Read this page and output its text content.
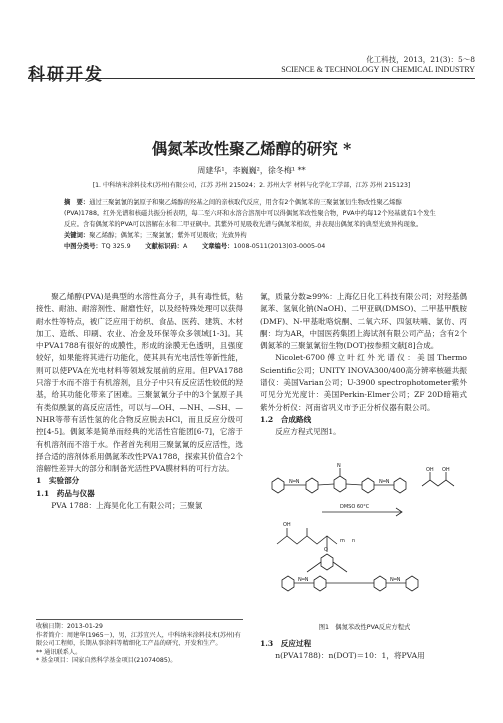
科研开发
化工科技，2013，21(3)：5～8
SCIENCE & TECHNOLOGY IN CHEMICAL INDUSTRY
偶氮苯改性聚乙烯醇的研究 *
周建华¹，李巍巍²，徐冬梅¹ **
[1. 中科纳米涂料技术(苏州)有限公司，江苏 苏州 215024；2. 苏州大学 材料与化学化工学部，江苏 苏州 215123]
摘　要：通过三聚氯氰的氯原子和聚乙烯醇的羟基之间的亲核取代反应，用含有2个偶氮苯的三聚氯氰衍生物改性聚乙烯醇(PVA)1788。红外光谱和核磁共振分析表明，每二至六环和水溶合溶剂中可以得偶氮苯改性聚合物，PVA中约每12个羟基就有1个发生反应。含有偶氮苯的PVA可以溶解在水和二甲亚砜中。其紫外可见吸收光谱与偶氮苯相似，并表现出偶氮苯的典型光致异构现象。
关键词：聚乙烯醇；偶氮苯；三聚氯氰；紫外可见吸收；光致异构
中图分类号：TQ 325.9   文献标识码：A   文章编号：1008-0511(2013)03-0005-04

聚乙烯醇(PVA)是典型的水溶性高分子，具有毒性低，粘接性、耐油、耐溶剂性、耐磨性好，以及经特殊处理可以获得耐水性等特点，被广泛应用于纺织、食品、医药、建筑、木材加工、造纸、印刷、农业、冶金及环保等众多领域[1-3]。其中PVA1788有很好的成膜性，形成的涂膜无色透明，且强度较好，如果能将其进行功能化，使其具有光电活性等新性能，则可以使PVA在光电材料等领域发展前的应用。但PVA1788只溶于水而不溶于有机溶剂，且分子中只有反应活性较低的羟基，给其功能化带来了困难。三聚氯氰分子中的3个氯原子具有类似酰氯的高反应活性，可以与—OH、—NH、—SH、—NHR等带有活性氢的化合物反应脱去HCl，而且反应分级可控[4-5]。偶氮苯是简单而经典的光活性官能团[6-7]，它溶于有机溶剂而不溶于水。作者首先利用三聚氯氰的反应活性，选择合适的溶剂体系用偶氮苯改性PVA1788，探索其价值合2个溶解性差异大的部分和制备光活性PVA膜材料的可行方法。

1　实验部分

1.1　药品与仪器

PVA 1788：上海昊化化工有限公司；三聚氯

收稿日期：2013-01-29
作者简介：周建华(1965－)，男，江苏宜兴人，中科纳米涂料技术(苏州)有限公司工程师，长期从事涂料等精细化工产品的研究、开发和生产。
** 通讯联系人。
* 基金项目：国家自然科学基金项目(21074085)。

氰，质量分数≥99%：上海亿日化工科技有限公司；对羟基偶氮苯、氢氧化钠(NaOH)、二甲亚砜(DMSO)、二甲基甲酰胺(DMF)、N-甲基吡咯烷酮、二氧六环、四氢呋喃、氯仿、丙酮：均为AR，中国医药集团上海试剂有限公司产品；含有2个偶氮苯的三聚氯氰衍生物(DOT)按参照文献[8]合成。

Nicolet-6700傅立叶红外光谱仪：美国Thermo Scientific公司；UNITY INOVA300/400高分辨率核磁共振谱仪：美国Varian公司；U-3900 spectrophotometer紫外可见分光光度计：美国Perkin-Elmer公司；ZF 20D暗箱式紫外分析仪：河南省巩义市予正分析仪器有限公司。

1.2　合成路线

反应方程式见图1。

N═N	N═N
N
OH OH
DMSO 60°C
m
O
OH
N═N	N═N
n
图1　偶氮苯改性PVA反应方程式

1.3　反应过程

n(PVA1788)：n(DOT)＝10：1，将PVA用
